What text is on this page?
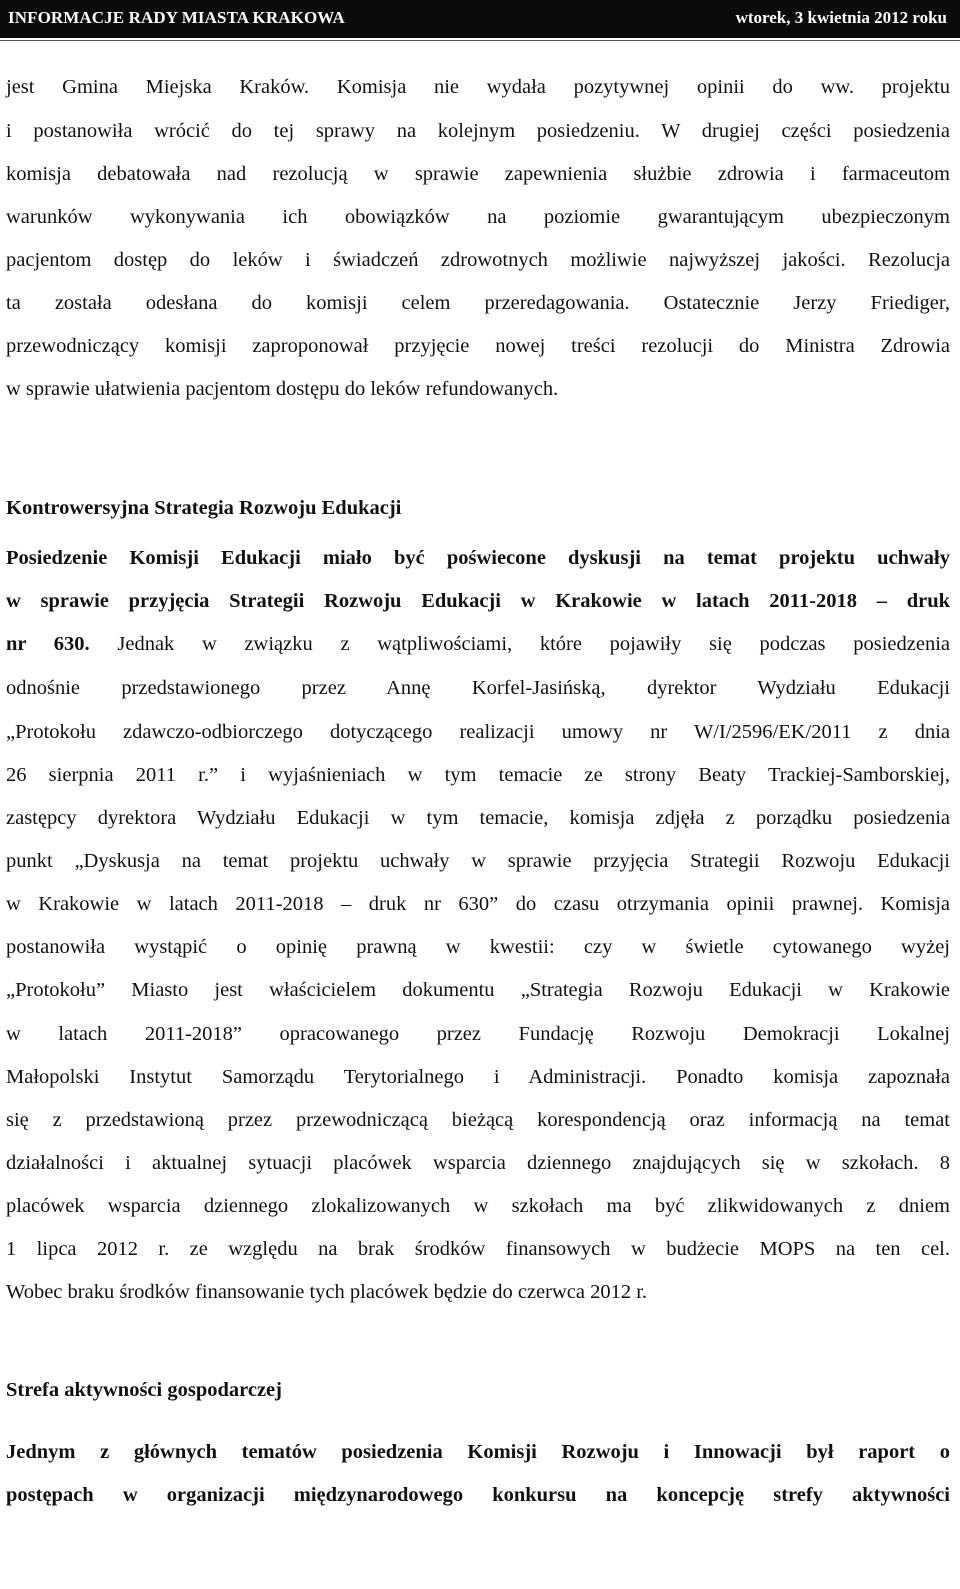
INFORMACJE RADY MIASTA KRAKOWA	wtorek, 3 kwietnia 2012 roku
jest Gmina Miejska Kraków. Komisja nie wydała pozytywnej opinii do ww. projektu
i postanowiła wrócić do tej sprawy na kolejnym posiedzeniu. W drugiej części posiedzenia
komisja debatowała nad rezolucją w sprawie zapewnienia służbie zdrowia i farmaceutom
warunków wykonywania ich obowiązków na poziomie gwarantującym ubezpieczonym
pacjentom dostęp do leków i świadczeń zdrowotnych możliwie najwyższej jakości. Rezolucja
ta została odesłana do komisji celem przeredagowania. Ostatecznie Jerzy Friediger,
przewodniczący komisji zaproponował przyjęcie nowej treści rezolucji do Ministra Zdrowia
w sprawie ułatwienia pacjentom dostępu do leków refundowanych.
Kontrowersyjna Strategia Rozwoju Edukacji
Posiedzenie Komisji Edukacji miało być poświecone dyskusji na temat projektu uchwały
w sprawie przyjęcia Strategii Rozwoju Edukacji w Krakowie w latach 2011-2018 – druk
nr 630. Jednak w związku z wątpliwościami, które pojawiły się podczas posiedzenia
odnośnie przedstawionego przez Annę Korfel-Jasińską, dyrektor Wydziału Edukacji
„Protokołu zdawczo-odbiorczego dotyczącego realizacji umowy nr W/I/2596/EK/2011 z dnia
26 sierpnia 2011 r.” i wyjaśnieniach w tym temacie ze strony Beaty Trackiej-Samborskiej,
zastępcy dyrektora Wydziału Edukacji w tym temacie, komisja zdjęła z porządku posiedzenia
punkt „Dyskusja na temat projektu uchwały w sprawie przyjęcia Strategii Rozwoju Edukacji
w Krakowie w latach 2011-2018 – druk nr 630” do czasu otrzymania opinii prawnej. Komisja
postanowiła wystąpić o opinię prawną w kwestii: czy w świetle cytowanego wyżej
„Protokołu” Miasto jest właścicielem dokumentu „Strategia Rozwoju Edukacji w Krakowie
w latach 2011-2018” opracowanego przez Fundację Rozwoju Demokracji Lokalnej
Małopolski Instytut Samorządu Terytorialnego i Administracji. Ponadto komisja zapoznała
się z przedstawioną przez przewodniczącą bieżącą korespondencją oraz informacją na temat
działalności i aktualnej sytuacji placówek wsparcia dziennego znajdujących się w szkołach. 8
placówek wsparcia dziennego zlokalizowanych w szkołach ma być zlikwidowanych z dniem
1 lipca 2012 r. ze względu na brak środków finansowych w budżecie MOPS na ten cel.
Wobec braku środków finansowanie tych placówek będzie do czerwca 2012 r.
Strefa aktywności gospodarczej
Jednym z głównych tematów posiedzenia Komisji Rozwoju i Innowacji był raport o
postępach w organizacji międzynarodowego konkursu na koncepcję strefy aktywności
